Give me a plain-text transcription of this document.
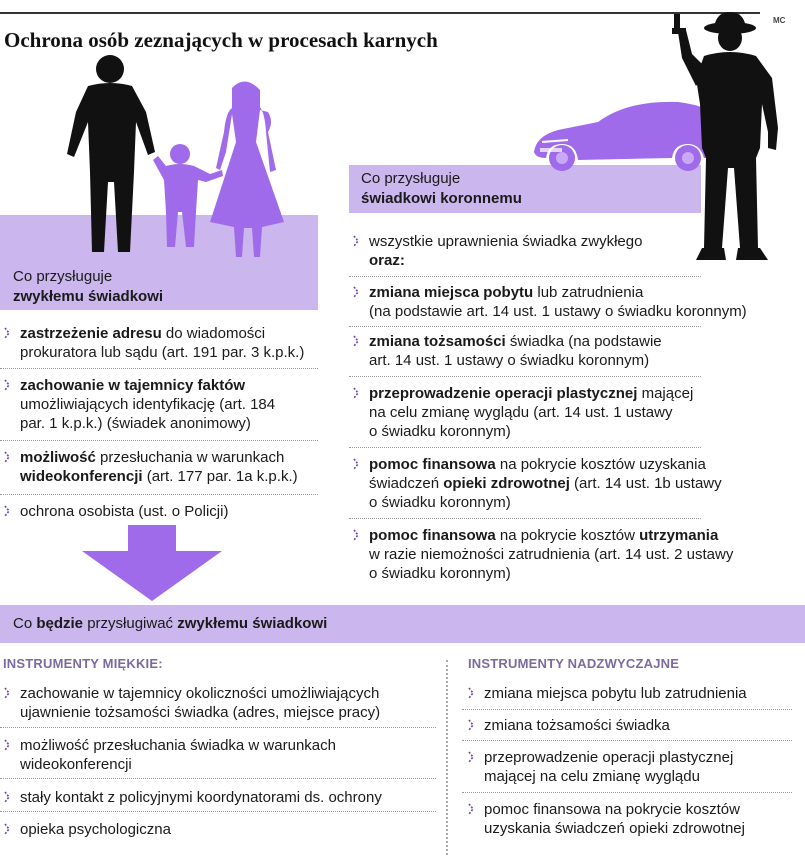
MC
Ochrona osób zeznających w procesach karnych
Co przysługuje
zwykłemu świadkowi
zastrzeżenie adresu do wiadomości
prokuratora lub sądu (art. 191 par. 3 k.p.k.)
zachowanie w tajemnicy faktów
umożliwiających identyfikację (art. 184
par. 1 k.p.k.) (świadek anonimowy)
możliwość przesłuchania w warunkach
wideokonferencji (art. 177 par. 1a k.p.k.)
ochrona osobista (ust. o Policji)
Co przysługuje
świadkowi koronnemu
wszystkie uprawnienia świadka zwykłego
oraz:
zmiana miejsca pobytu lub zatrudnienia
(na podstawie art. 14 ust. 1 ustawy o świadku koronnym)
zmiana tożsamości świadka (na podstawie
art. 14 ust. 1 ustawy o świadku koronnym)
przeprowadzenie operacji plastycznej mającej
na celu zmianę wyglądu (art. 14 ust. 1 ustawy
o świadku koronnym)
pomoc finansowa na pokrycie kosztów uzyskania
świadczeń opieki zdrowotnej (art. 14 ust. 1b ustawy
o świadku koronnym)
pomoc finansowa na pokrycie kosztów utrzymania
w razie niemożności zatrudnienia (art. 14 ust. 2 ustawy
o świadku koronnym)
Co będzie przysługiwać zwykłemu świadkowi
INSTRUMENTY MIĘKKIE:
zachowanie w tajemnicy okoliczności umożliwiających
ujawnienie tożsamości świadka (adres, miejsce pracy)
możliwość przesłuchania świadka w warunkach
wideokonferencji
stały kontakt z policyjnymi koordynatorami ds. ochrony
opieka psychologiczna
INSTRUMENTY NADZWYCZAJNE
zmiana miejsca pobytu lub zatrudnienia
zmiana tożsamości świadka
przeprowadzenie operacji plastycznej
mającej na celu zmianę wyglądu
pomoc finansowa na pokrycie kosztów
uzyskania świadczeń opieki zdrowotnej
